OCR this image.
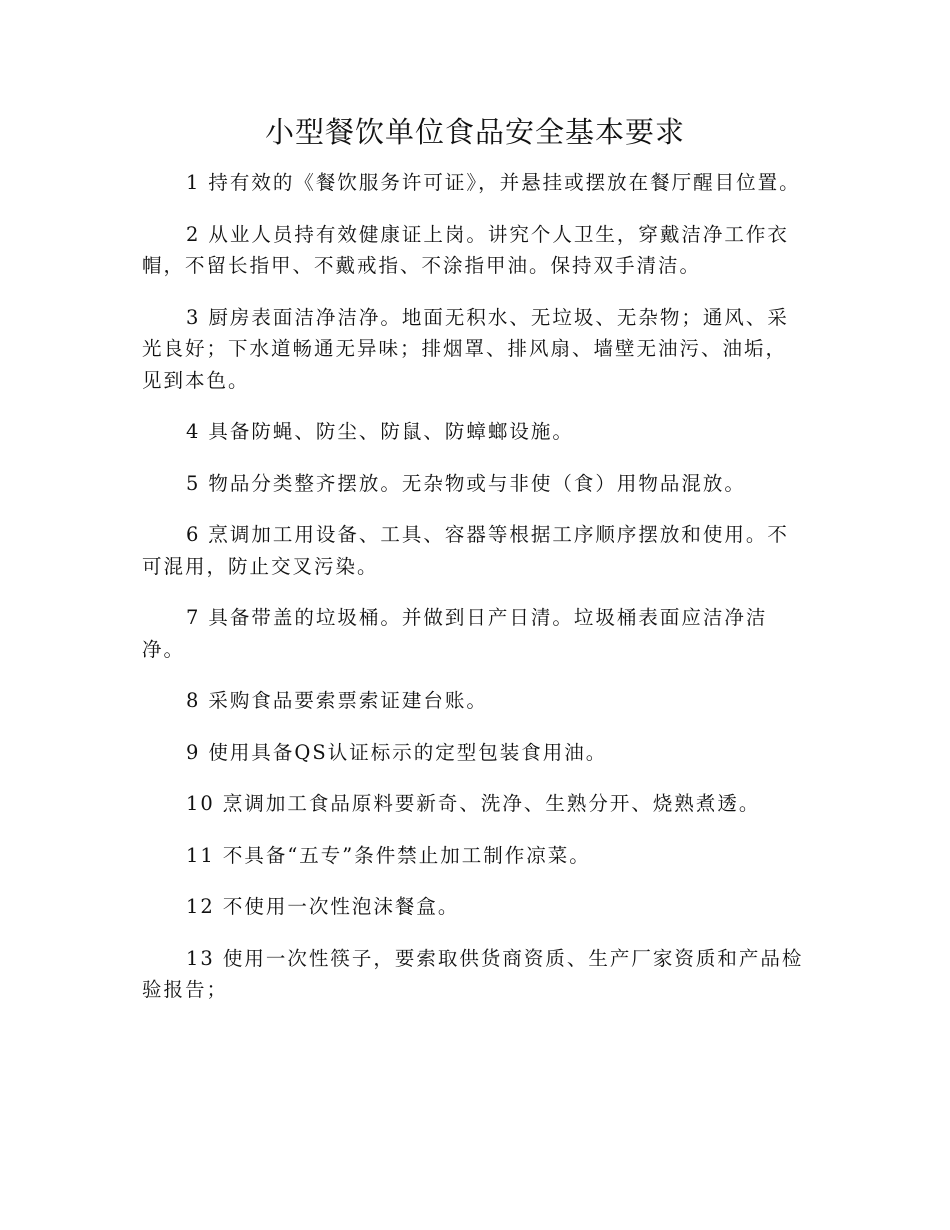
小型餐饮单位食品安全基本要求
1 持有效的《餐饮服务许可证》，并悬挂或摆放在餐厅醒目位置。
2 从业人员持有效健康证上岗。讲究个人卫生，穿戴洁净工作衣帽，不留长指甲、不戴戒指、不涂指甲油。保持双手清洁。
3 厨房表面洁净洁净。地面无积水、无垃圾、无杂物；通风、采光良好；下水道畅通无异味；排烟罩、排风扇、墙壁无油污、油垢，见到本色。
4 具备防蝇、防尘、防鼠、防蟑螂设施。
5 物品分类整齐摆放。无杂物或与非使（食）用物品混放。
6 烹调加工用设备、工具、容器等根据工序顺序摆放和使用。不可混用，防止交叉污染。
7 具备带盖的垃圾桶。并做到日产日清。垃圾桶表面应洁净洁净。
8 采购食品要索票索证建台账。
9 使用具备QS认证标示的定型包装食用油。
10 烹调加工食品原料要新奇、洗净、生熟分开、烧熟煮透。
11 不具备“五专”条件禁止加工制作凉菜。
12 不使用一次性泡沫餐盒。
13 使用一次性筷子，要索取供货商资质、生产厂家资质和产品检验报告；
